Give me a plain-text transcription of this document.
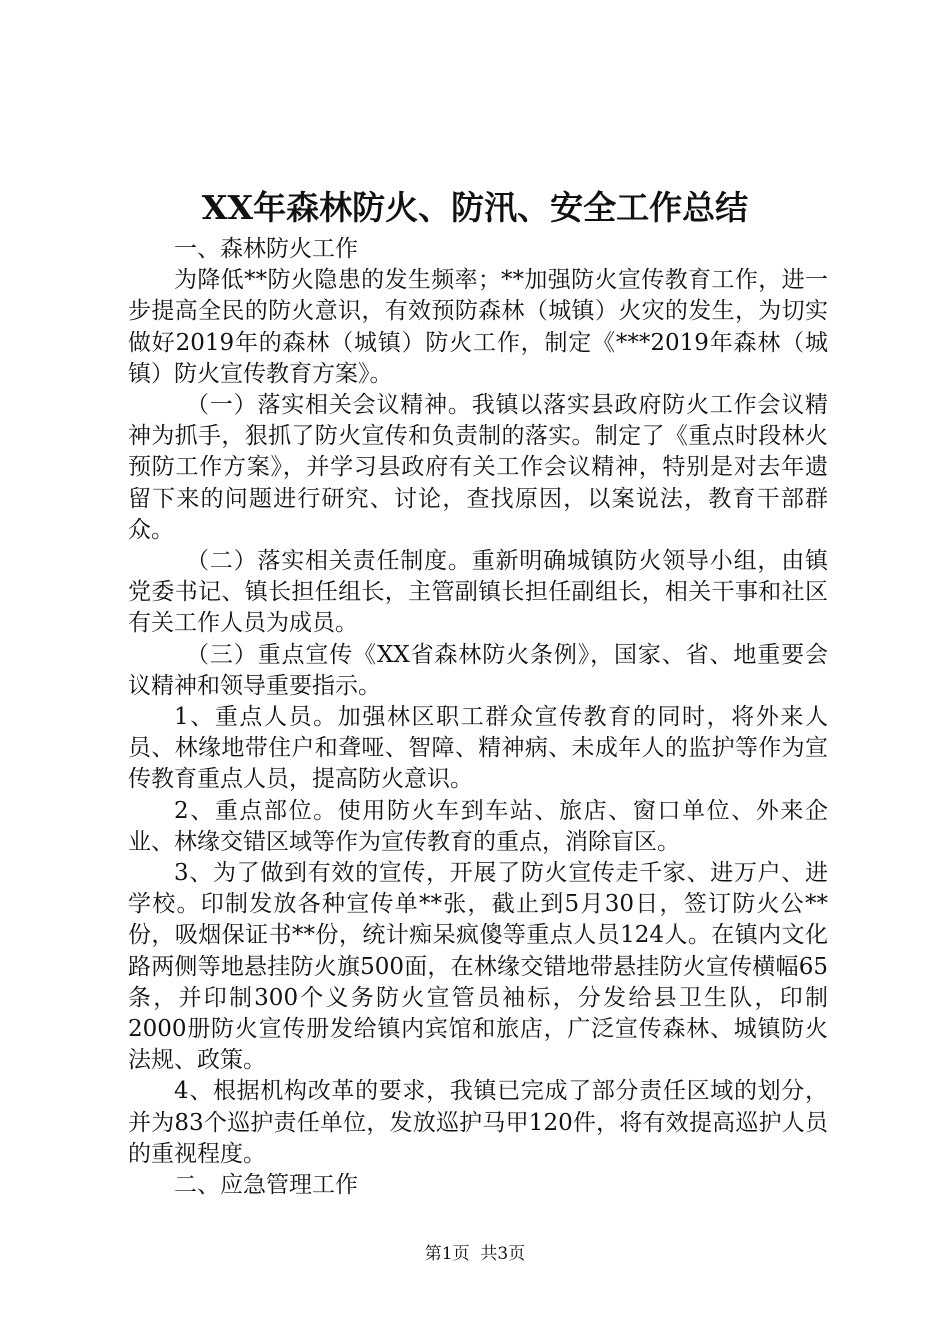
XX年森林防火、防汛、安全工作总结

一、森林防火工作

为降低**防火隐患的发生频率；**加强防火宣传教育工作，进一步提高全民的防火意识，有效预防森林（城镇）火灾的发生，为切实做好2019年的森林（城镇）防火工作，制定《***2019年森林（城镇）防火宣传教育方案》。

（一）落实相关会议精神。我镇以落实县政府防火工作会议精神为抓手，狠抓了防火宣传和负责制的落实。制定了《重点时段林火预防工作方案》，并学习县政府有关工作会议精神，特别是对去年遗留下来的问题进行研究、讨论，查找原因，以案说法，教育干部群众。

（二）落实相关责任制度。重新明确城镇防火领导小组，由镇党委书记、镇长担任组长，主管副镇长担任副组长，相关干事和社区有关工作人员为成员。

（三）重点宣传《XX省森林防火条例》，国家、省、地重要会议精神和领导重要指示。

1、重点人员。加强林区职工群众宣传教育的同时，将外来人员、林缘地带住户和聋哑、智障、精神病、未成年人的监护等作为宣传教育重点人员，提高防火意识。

2、重点部位。使用防火车到车站、旅店、窗口单位、外来企业、林缘交错区域等作为宣传教育的重点，消除盲区。

3、为了做到有效的宣传，开展了防火宣传走千家、进万户、进学校。印制发放各种宣传单**张，截止到5月30日，签订防火公**份，吸烟保证书**份，统计痴呆疯傻等重点人员124人。在镇内文化路两侧等地悬挂防火旗500面，在林缘交错地带悬挂防火宣传横幅65条，并印制300个义务防火宣管员袖标，分发给县卫生队，印制2000册防火宣传册发给镇内宾馆和旅店，广泛宣传森林、城镇防火法规、政策。

4、根据机构改革的要求，我镇已完成了部分责任区域的划分，并为83个巡护责任单位，发放巡护马甲120件，将有效提高巡护人员的重视程度。

二、应急管理工作

第1页  共3页
